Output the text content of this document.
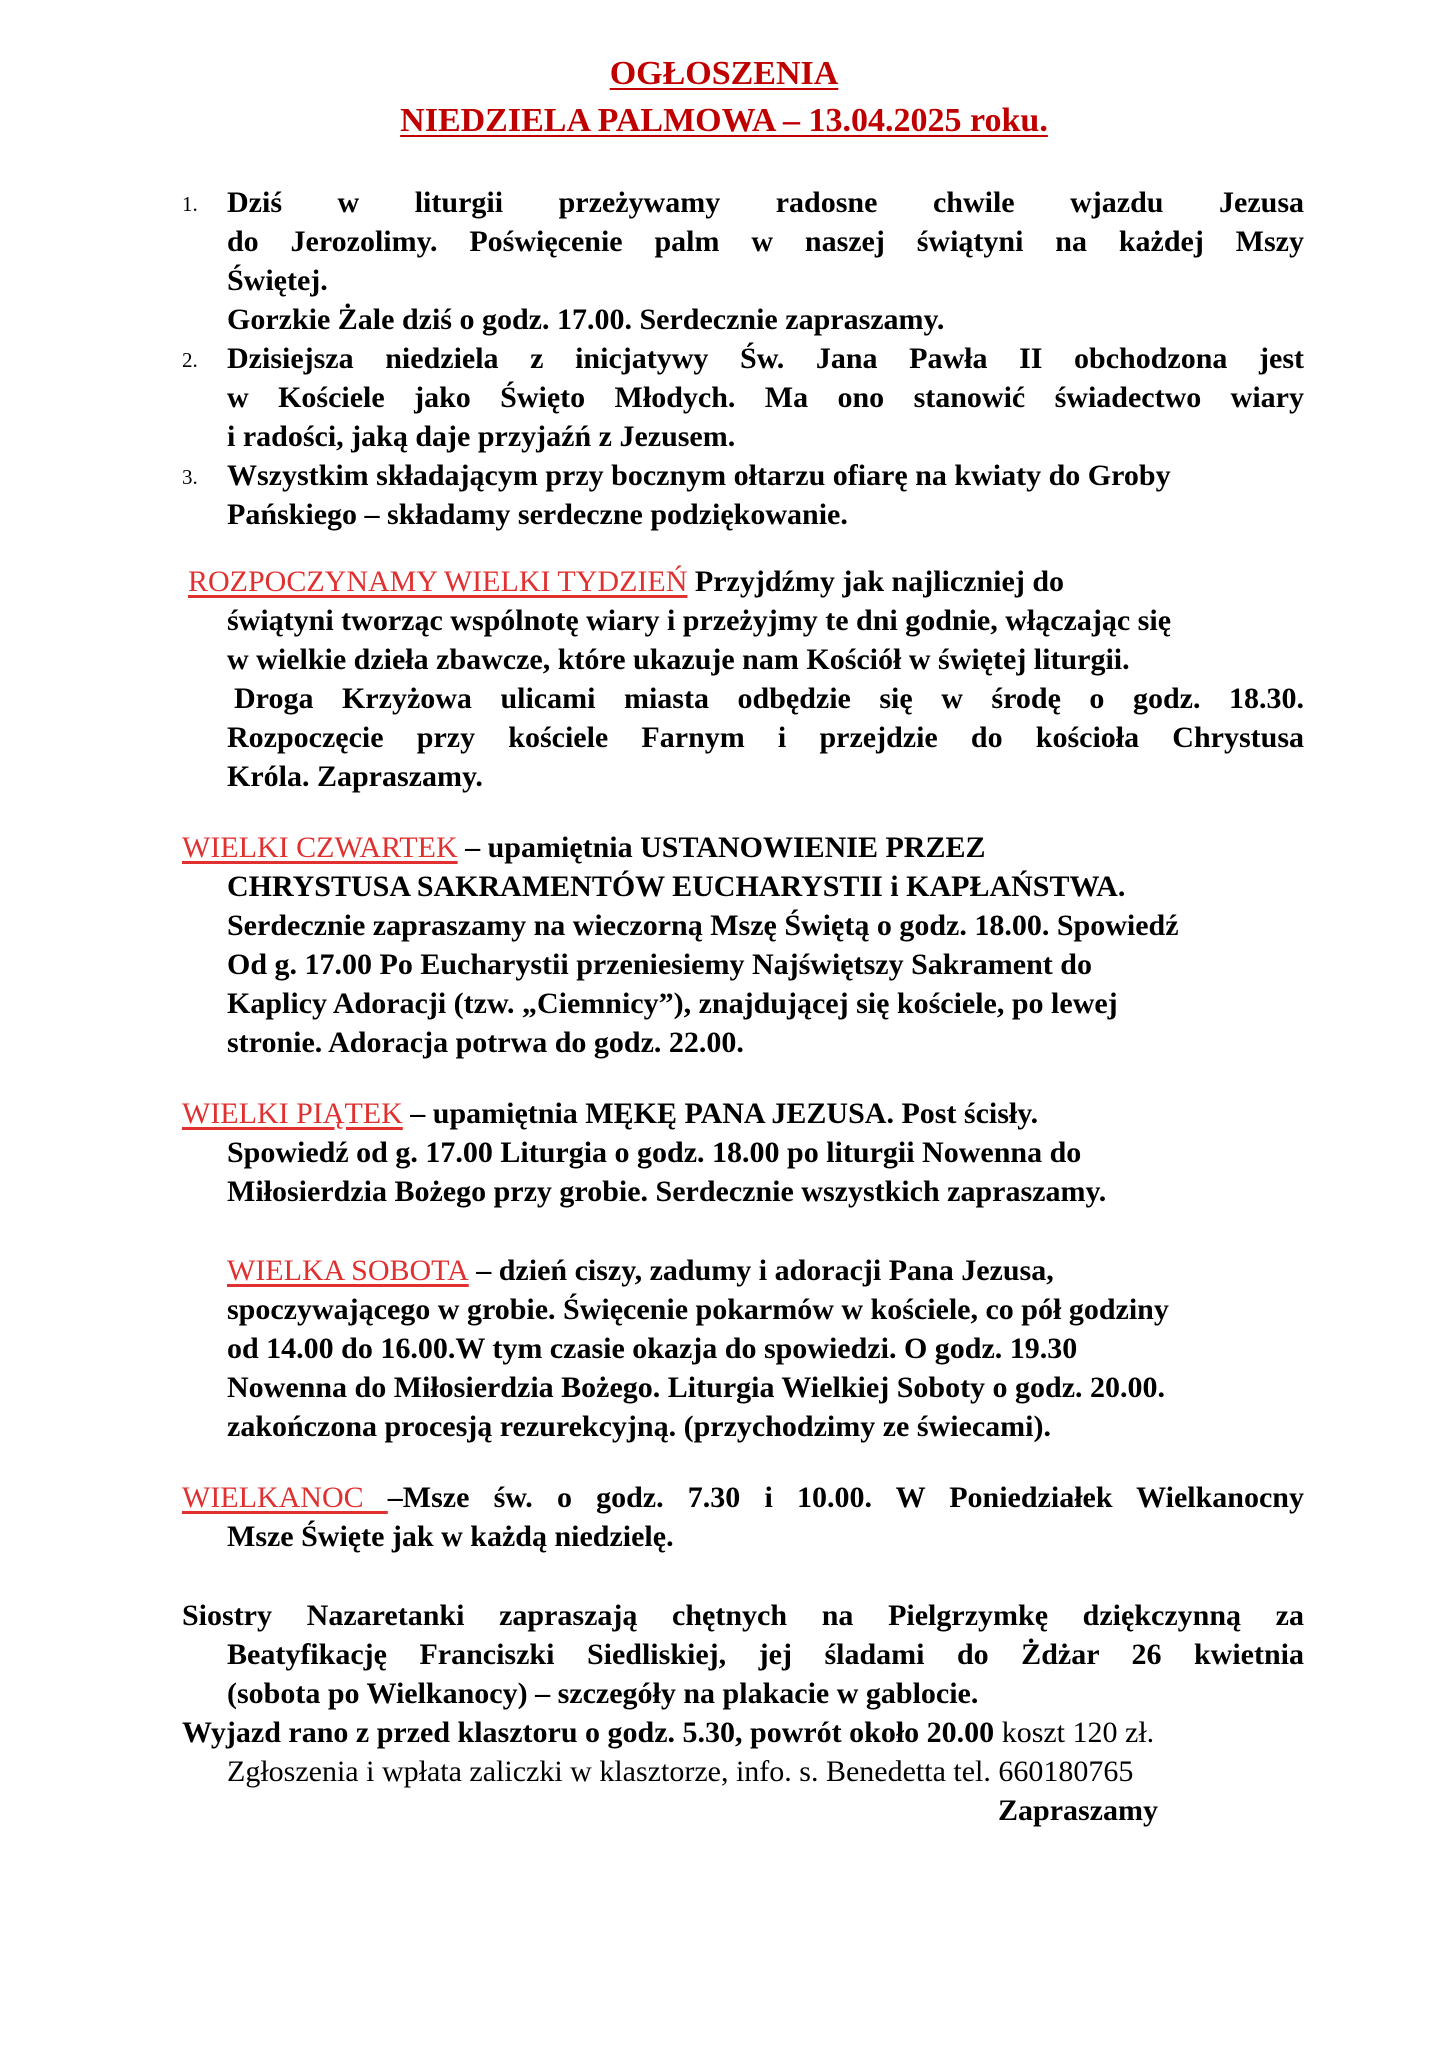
OGŁOSZENIA
NIEDZIELA PALMOWA – 13.04.2025 roku.
1. Dziś w liturgii przeżywamy radosne chwile wjazdu Jezusa

do Jerozolimy. Poświęcenie palm w naszej świątyni na każdej Mszy

Świętej.

Gorzkie Żale dziś o godz. 17.00. Serdecznie zapraszamy.

2. Dzisiejsza niedziela z inicjatywy Św. Jana Pawła II obchodzona jest

w Kościele jako Święto Młodych. Ma ono stanowić świadectwo wiary

i radości, jaką daje przyjaźń z Jezusem.

3. Wszystkim składającym przy bocznym ołtarzu ofiarę na kwiaty do Groby

Pańskiego – składamy serdeczne podziękowanie.

ROZPOCZYNAMY WIELKI TYDZIEŃ Przyjdźmy jak najliczniej do

świątyni tworząc wspólnotę wiary i przeżyjmy te dni godnie, włączając się

w wielkie dzieła zbawcze, które ukazuje nam Kościół w świętej liturgii.

Droga Krzyżowa ulicami miasta odbędzie się w środę o godz. 18.30.

Rozpoczęcie przy kościele Farnym i przejdzie do kościoła Chrystusa

Króla. Zapraszamy.

WIELKI CZWARTEK – upamiętnia USTANOWIENIE PRZEZ

CHRYSTUSA SAKRAMENTÓW EUCHARYSTII i KAPŁAŃSTWA.

Serdecznie zapraszamy na wieczorną Mszę Świętą o godz. 18.00. Spowiedź

Od g. 17.00 Po Eucharystii przeniesiemy Najświętszy Sakrament do

Kaplicy Adoracji (tzw. „Ciemnicy”), znajdującej się kościele, po lewej

stronie. Adoracja potrwa do godz. 22.00.

WIELKI PIĄTEK – upamiętnia MĘKĘ PANA JEZUSA. Post ścisły.

Spowiedź od g. 17.00 Liturgia o godz. 18.00 po liturgii Nowenna do

Miłosierdzia Bożego przy grobie. Serdecznie wszystkich zapraszamy.

WIELKA SOBOTA – dzień ciszy, zadumy i adoracji Pana Jezusa,

spoczywającego w grobie. Święcenie pokarmów w kościele, co pół godziny

od 14.00 do 16.00.W tym czasie okazja do spowiedzi. O godz. 19.30

Nowenna do Miłosierdzia Bożego. Liturgia Wielkiej Soboty o godz. 20.00.

zakończona procesją rezurekcyjną. (przychodzimy ze świecami).

WIELKANOC –Msze św. o godz. 7.30 i 10.00. W Poniedziałek Wielkanocny

Msze Święte jak w każdą niedzielę.

Siostry Nazaretanki zapraszają chętnych na Pielgrzymkę dziękczynną za

Beatyfikację Franciszki Siedliskiej, jej śladami do Żdżar 26 kwietnia

(sobota po Wielkanocy) – szczegóły na plakacie w gablocie.

Wyjazd rano z przed klasztoru o godz. 5.30, powrót około 20.00 koszt 120 zł.

Zgłoszenia i wpłata zaliczki w klasztorze, info. s. Benedetta tel. 660180765

Zapraszamy
